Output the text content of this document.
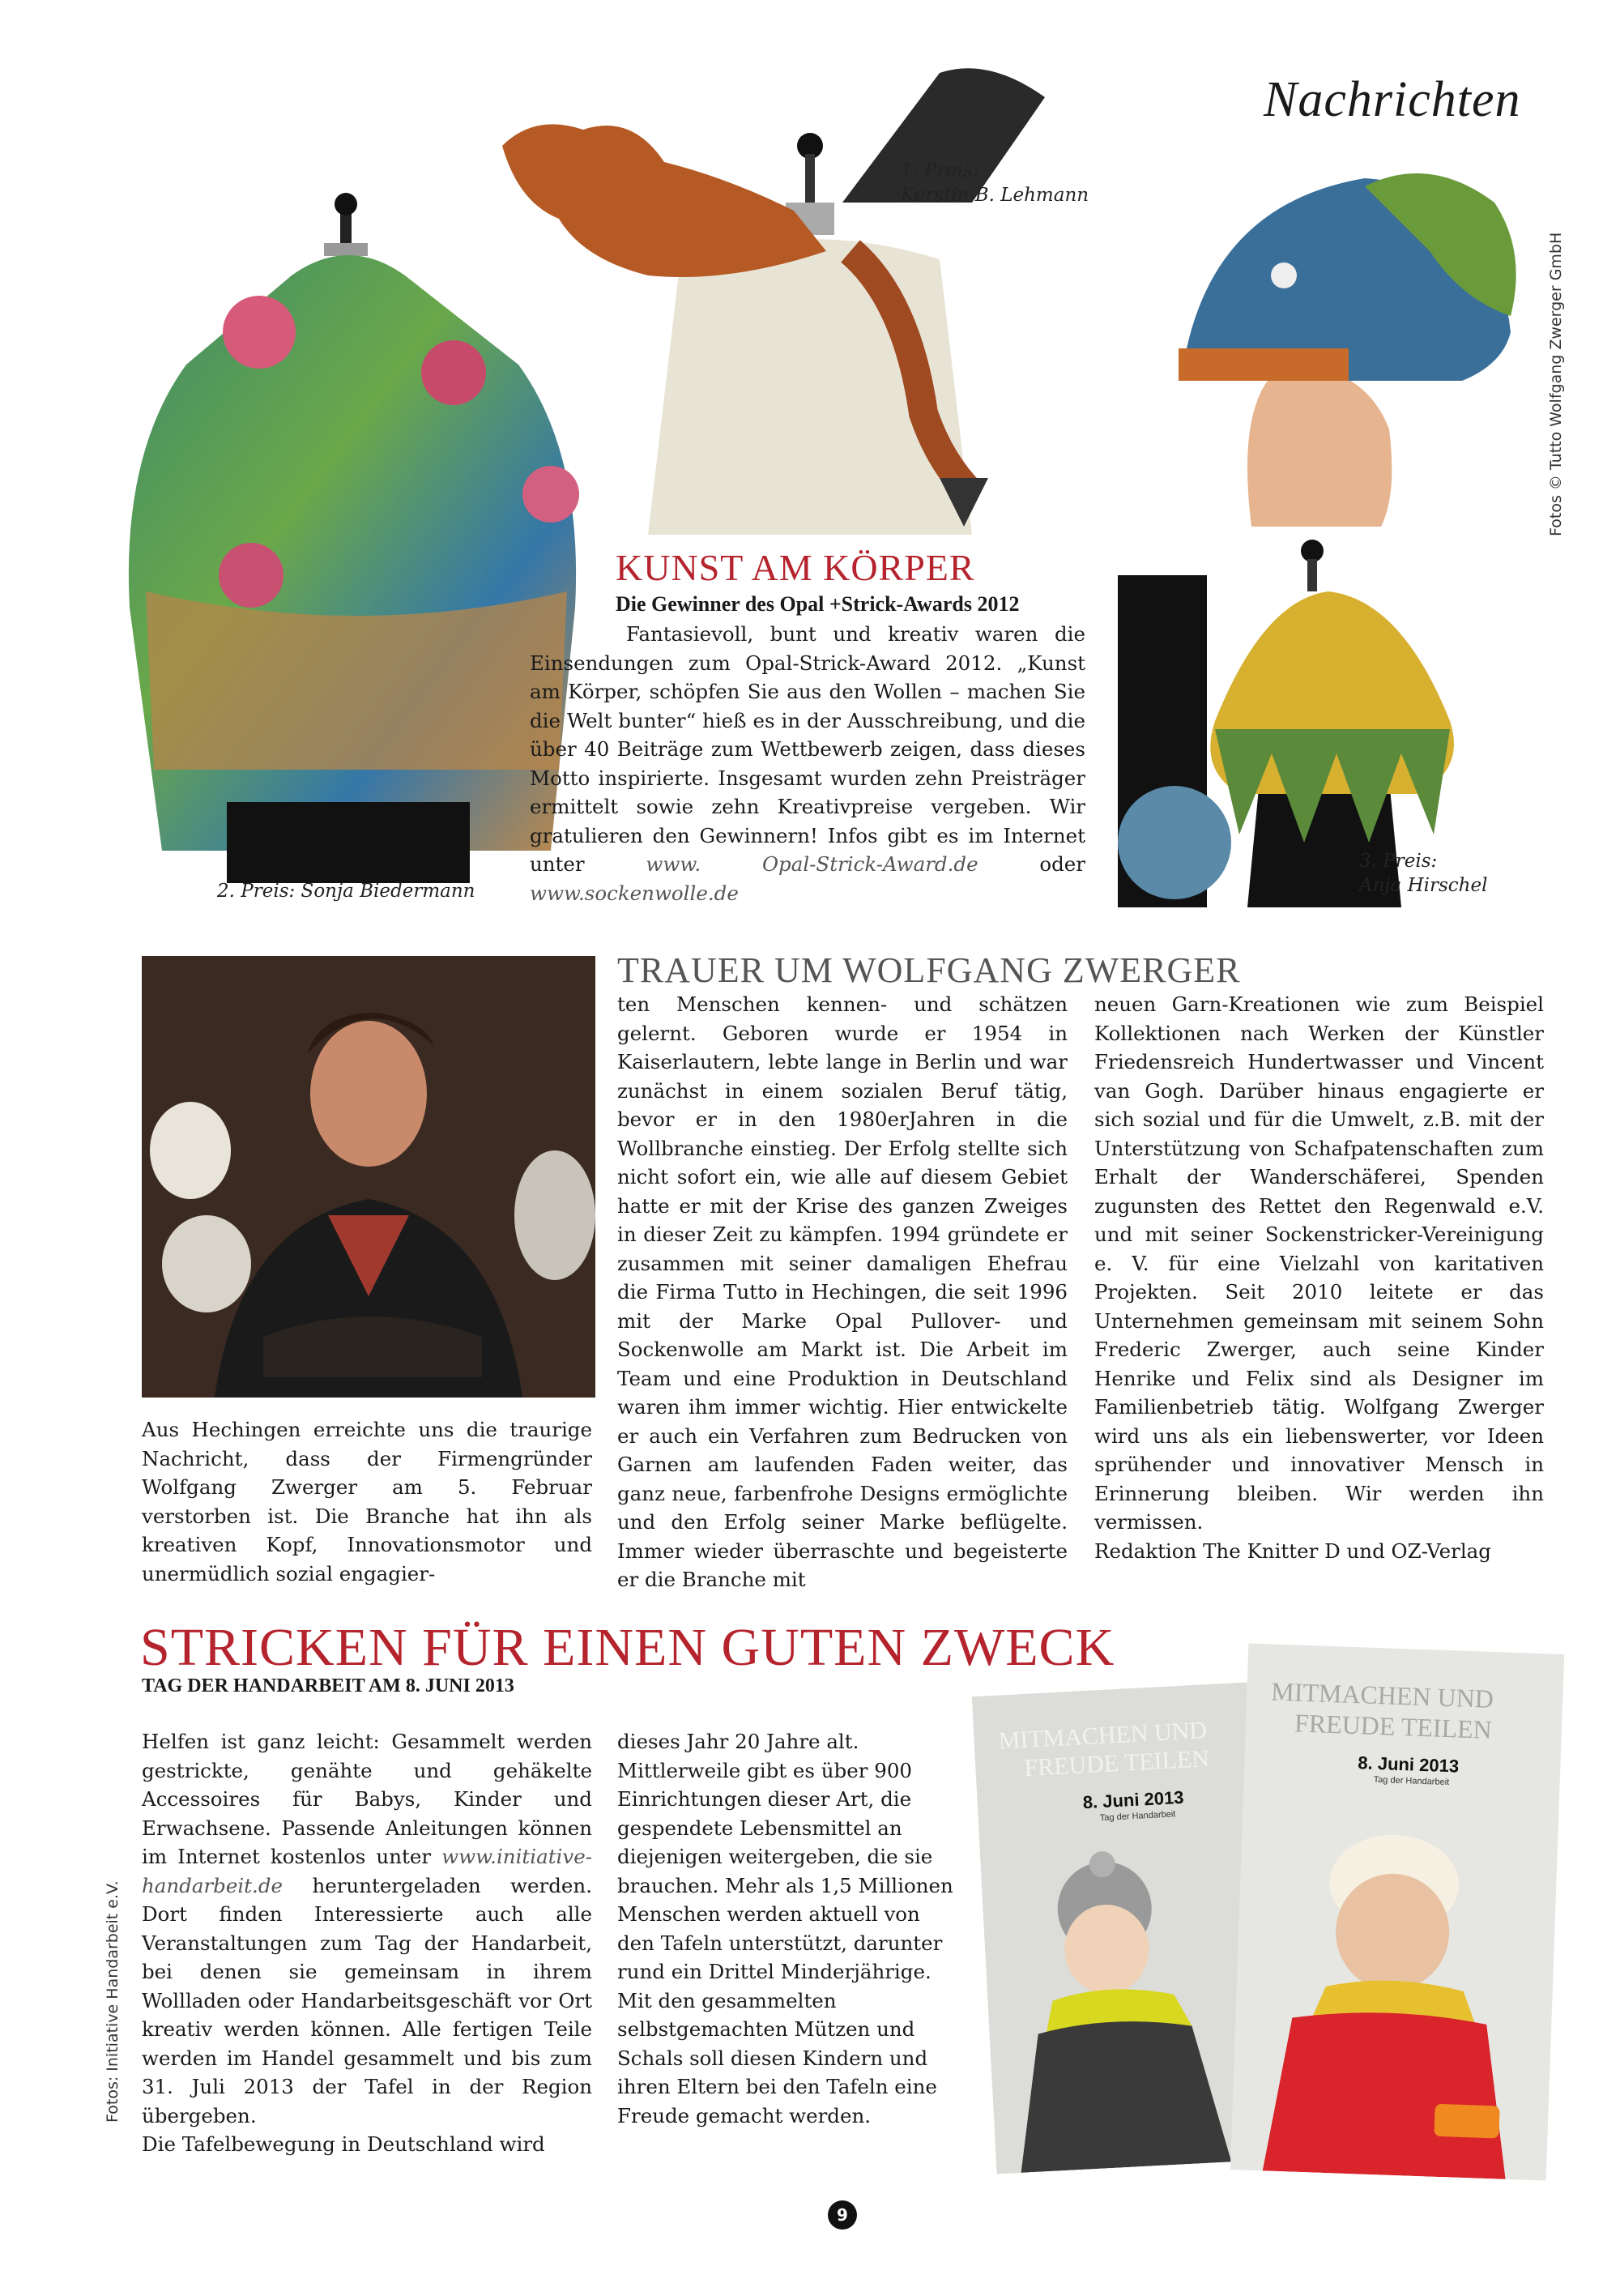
Nachrichten
Fotos © Tutto Wolfgang Zwerger GmbH
1. Preis:
Kerstin B. Lehmann
KUNST AM KÖRPER
Die Gewinner des Opal +Strick-Awards 2012
Fantasievoll, bunt und kreativ waren die Einsendungen zum Opal-Strick-Award 2012. „Kunst am Körper, schöpfen Sie aus den Wollen – machen Sie die Welt bunter“ hieß es in der Ausschreibung, und die über 40 Beiträge zum Wettbewerb zeigen, dass dieses Motto inspirierte. Insgesamt wurden zehn Preisträger ermittelt sowie zehn Kreativpreise vergeben. Wir gratulieren den Gewinnern! Infos gibt es im Internet unter	www. Opal-Strick-Award.de	oder www.sockenwolle.de
2. Preis: Sonja Biedermann
3. Preis:
Anja Hirschel
TRAUER UM WOLFGANG ZWERGER
Aus Hechingen erreichte uns die traurige Nachricht, dass der Firmengründer Wolfgang Zwerger am 5. Februar verstorben ist. Die Branche hat ihn als kreativen Kopf, Innovationsmotor und unermüdlich sozial engagier-
ten Menschen kennen- und schätzen gelernt. Geboren wurde er 1954 in Kaiserlautern, lebte lange in Berlin und war zunächst in einem sozialen Beruf tätig, bevor er in den 1980erJahren in die Wollbranche einstieg. Der Erfolg stellte sich nicht sofort ein, wie alle auf diesem Gebiet hatte er mit der Krise des ganzen Zweiges in dieser Zeit zu kämpfen. 1994 gründete er zusammen mit seiner damaligen Ehefrau die Firma Tutto in Hechingen, die seit 1996 mit der Marke Opal Pullover- und Sockenwolle am Markt ist. Die Arbeit im Team und eine Produktion in Deutschland waren ihm immer wichtig. Hier entwickelte er auch ein Verfahren zum Bedrucken von Garnen am laufenden Faden weiter, das ganz neue, farbenfrohe Designs ermöglichte und den Erfolg seiner Marke beflügelte. Immer wieder überraschte und begeisterte er die Branche mit

neuen Garn-Kreationen wie zum Beispiel Kollektionen nach Werken der Künstler Friedensreich Hundertwasser und Vincent van Gogh. Darüber hinaus engagierte er sich sozial und für die Umwelt, z.B. mit der Unterstützung von Schafpatenschaften zum Erhalt der Wanderschäferei, Spenden zugunsten des Rettet den Regenwald e.V. und mit seiner Sockenstricker-Vereinigung e. V. für eine Vielzahl von karitativen Projekten. Seit 2010 leitete er das Unternehmen gemeinsam mit seinem Sohn Frederic Zwerger, auch seine Kinder Henrike und Felix sind als Designer im Familienbetrieb tätig. Wolfgang Zwerger wird uns als ein liebenswerter, vor Ideen sprühender und innovativer Mensch in Erinnerung bleiben. Wir werden ihn vermissen.

Redaktion The Knitter D und OZ-Verlag

STRICKEN FÜR EINEN GUTEN ZWECK
TAG DER HANDARBEIT AM 8. JUNI 2013
Fotos: Initiative Handarbeit e.V.

Helfen ist ganz leicht: Gesammelt werden gestrickte, genähte und gehäkelte Accessoires für Babys, Kinder und Erwachsene. Passende Anleitungen können im Internet kostenlos unter www.initiative-handarbeit.de heruntergeladen werden. Dort finden Interessierte auch alle Veranstaltungen zum Tag der Handarbeit, bei denen sie gemeinsam in ihrem Wollladen oder Handarbeitsgeschäft vor Ort kreativ werden können. Alle fertigen Teile werden im Handel gesammelt und bis zum 31. Juli 2013 der Tafel in der Region übergeben.

Die Tafelbewegung in Deutschland wird

dieses Jahr 20 Jahre alt. Mittlerweile gibt es über 900 Einrichtungen dieser Art, die gespendete Lebensmittel an diejenigen weitergeben, die sie brauchen. Mehr als 1,5 Millionen Menschen werden aktuell von den Tafeln unterstützt, darunter rund ein Drittel Minderjährige. Mit den gesammelten selbstgemachten Mützen und Schals soll diesen Kindern und ihren Eltern bei den Tafeln eine Freude gemacht werden.
MITMACHEN UND
FREUDE TEILEN
8. Juni 2013
Tag der Handarbeit
MITMACHEN UND
FREUDE TEILEN
8. Juni 2013
Tag der Handarbeit
9
